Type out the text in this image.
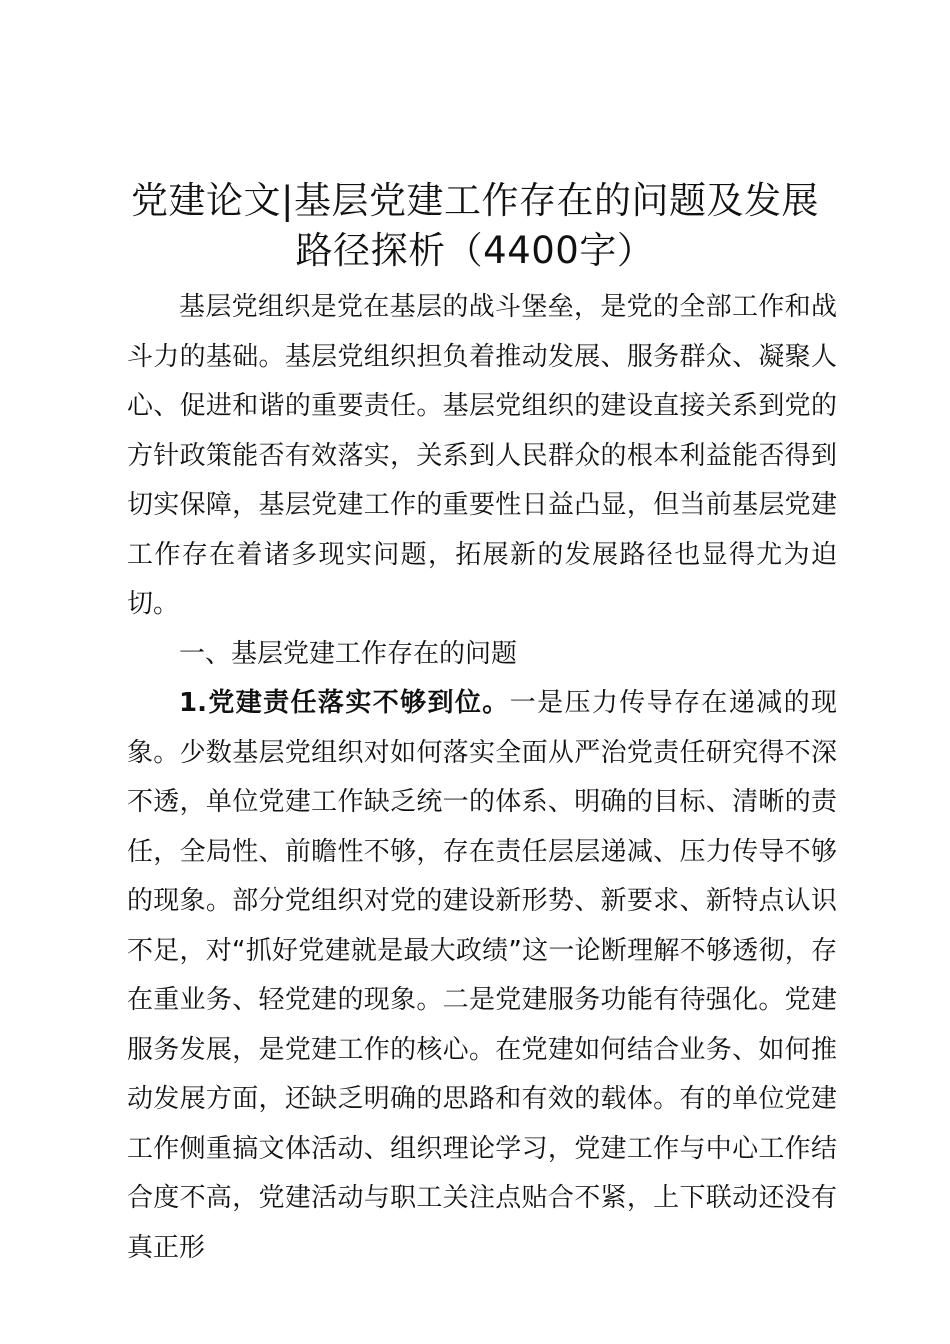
党建论文|基层党建工作存在的问题及发展路径探析（4400字）

基层党组织是党在基层的战斗堡垒，是党的全部工作和战斗力的基础。基层党组织担负着推动发展、服务群众、凝聚人心、促进和谐的重要责任。基层党组织的建设直接关系到党的方针政策能否有效落实，关系到人民群众的根本利益能否得到切实保障，基层党建工作的重要性日益凸显，但当前基层党建工作存在着诸多现实问题，拓展新的发展路径也显得尤为迫切。

一、基层党建工作存在的问题

1.党建责任落实不够到位。一是压力传导存在递减的现象。少数基层党组织对如何落实全面从严治党责任研究得不深不透，单位党建工作缺乏统一的体系、明确的目标、清晰的责任，全局性、前瞻性不够，存在责任层层递减、压力传导不够的现象。部分党组织对党的建设新形势、新要求、新特点认识不足，对“抓好党建就是最大政绩”这一论断理解不够透彻，存在重业务、轻党建的现象。二是党建服务功能有待强化。党建服务发展，是党建工作的核心。在党建如何结合业务、如何推动发展方面，还缺乏明确的思路和有效的载体。有的单位党建工作侧重搞文体活动、组织理论学习，党建工作与中心工作结合度不高，党建活动与职工关注点贴合不紧，上下联动还没有真正形
